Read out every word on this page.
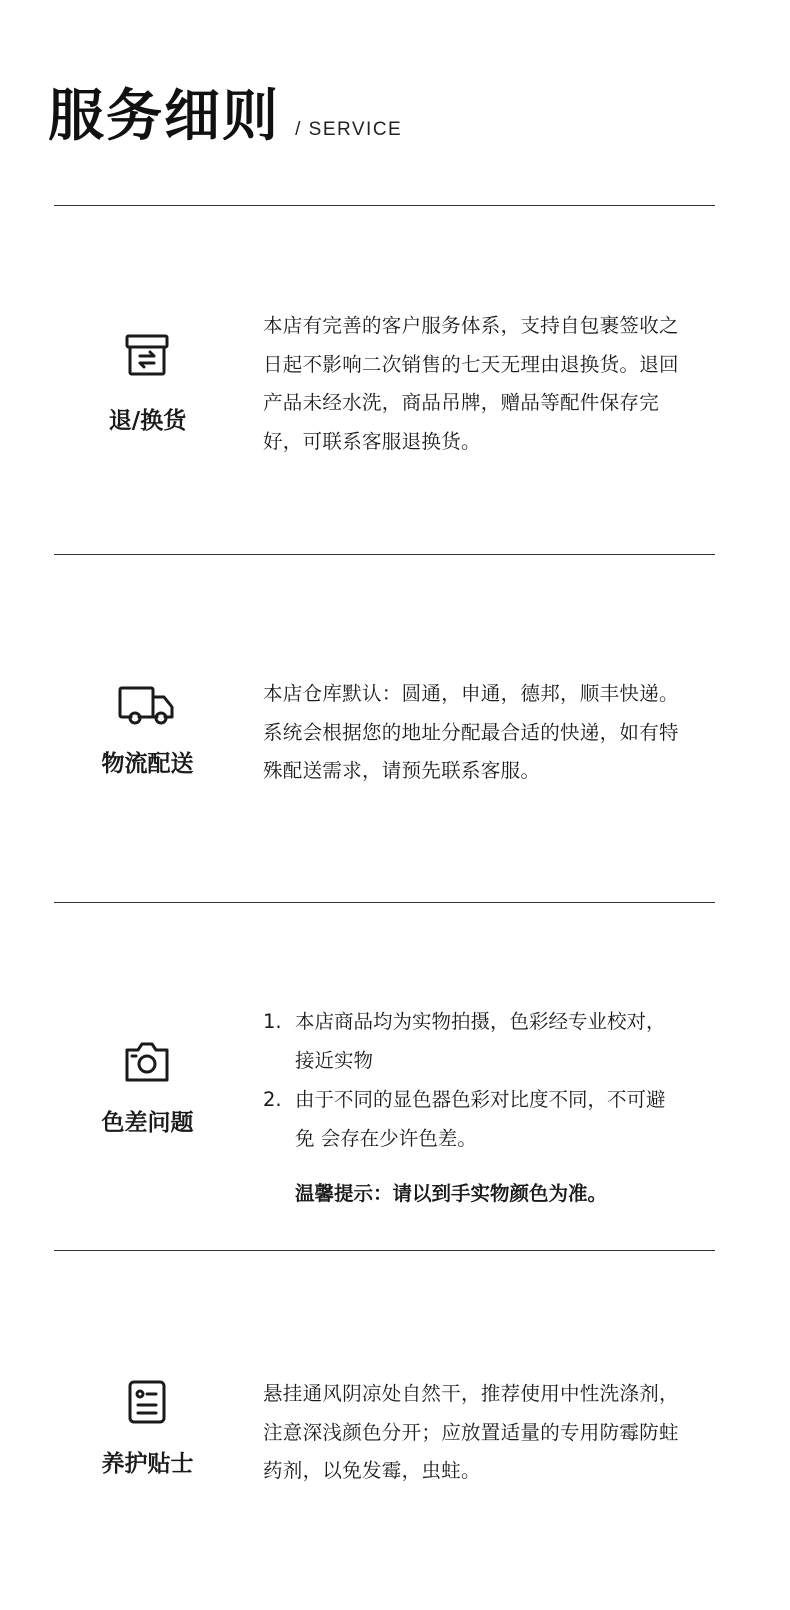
服务细则 / SERVICE
退/换货
本店有完善的客户服务体系，支持自包裹签收之日起不影响二次销售的七天无理由退换货。退回产品未经水洗，商品吊牌，赠品等配件保存完好，可联系客服退换货。
物流配送
本店仓库默认：圆通，申通，德邦，顺丰快递。系统会根据您的地址分配最合适的快递，如有特殊配送需求，请预先联系客服。
色差问题
1. 本店商品均为实物拍摄，色彩经专业校对，接近实物
2. 由于不同的显色器色彩对比度不同，不可避免 会存在少许色差。
温馨提示：请以到手实物颜色为准。
养护贴士
悬挂通风阴凉处自然干，推荐使用中性洗涤剂，注意深浅颜色分开；应放置适量的专用防霉防蛀药剂，以免发霉，虫蛀。
